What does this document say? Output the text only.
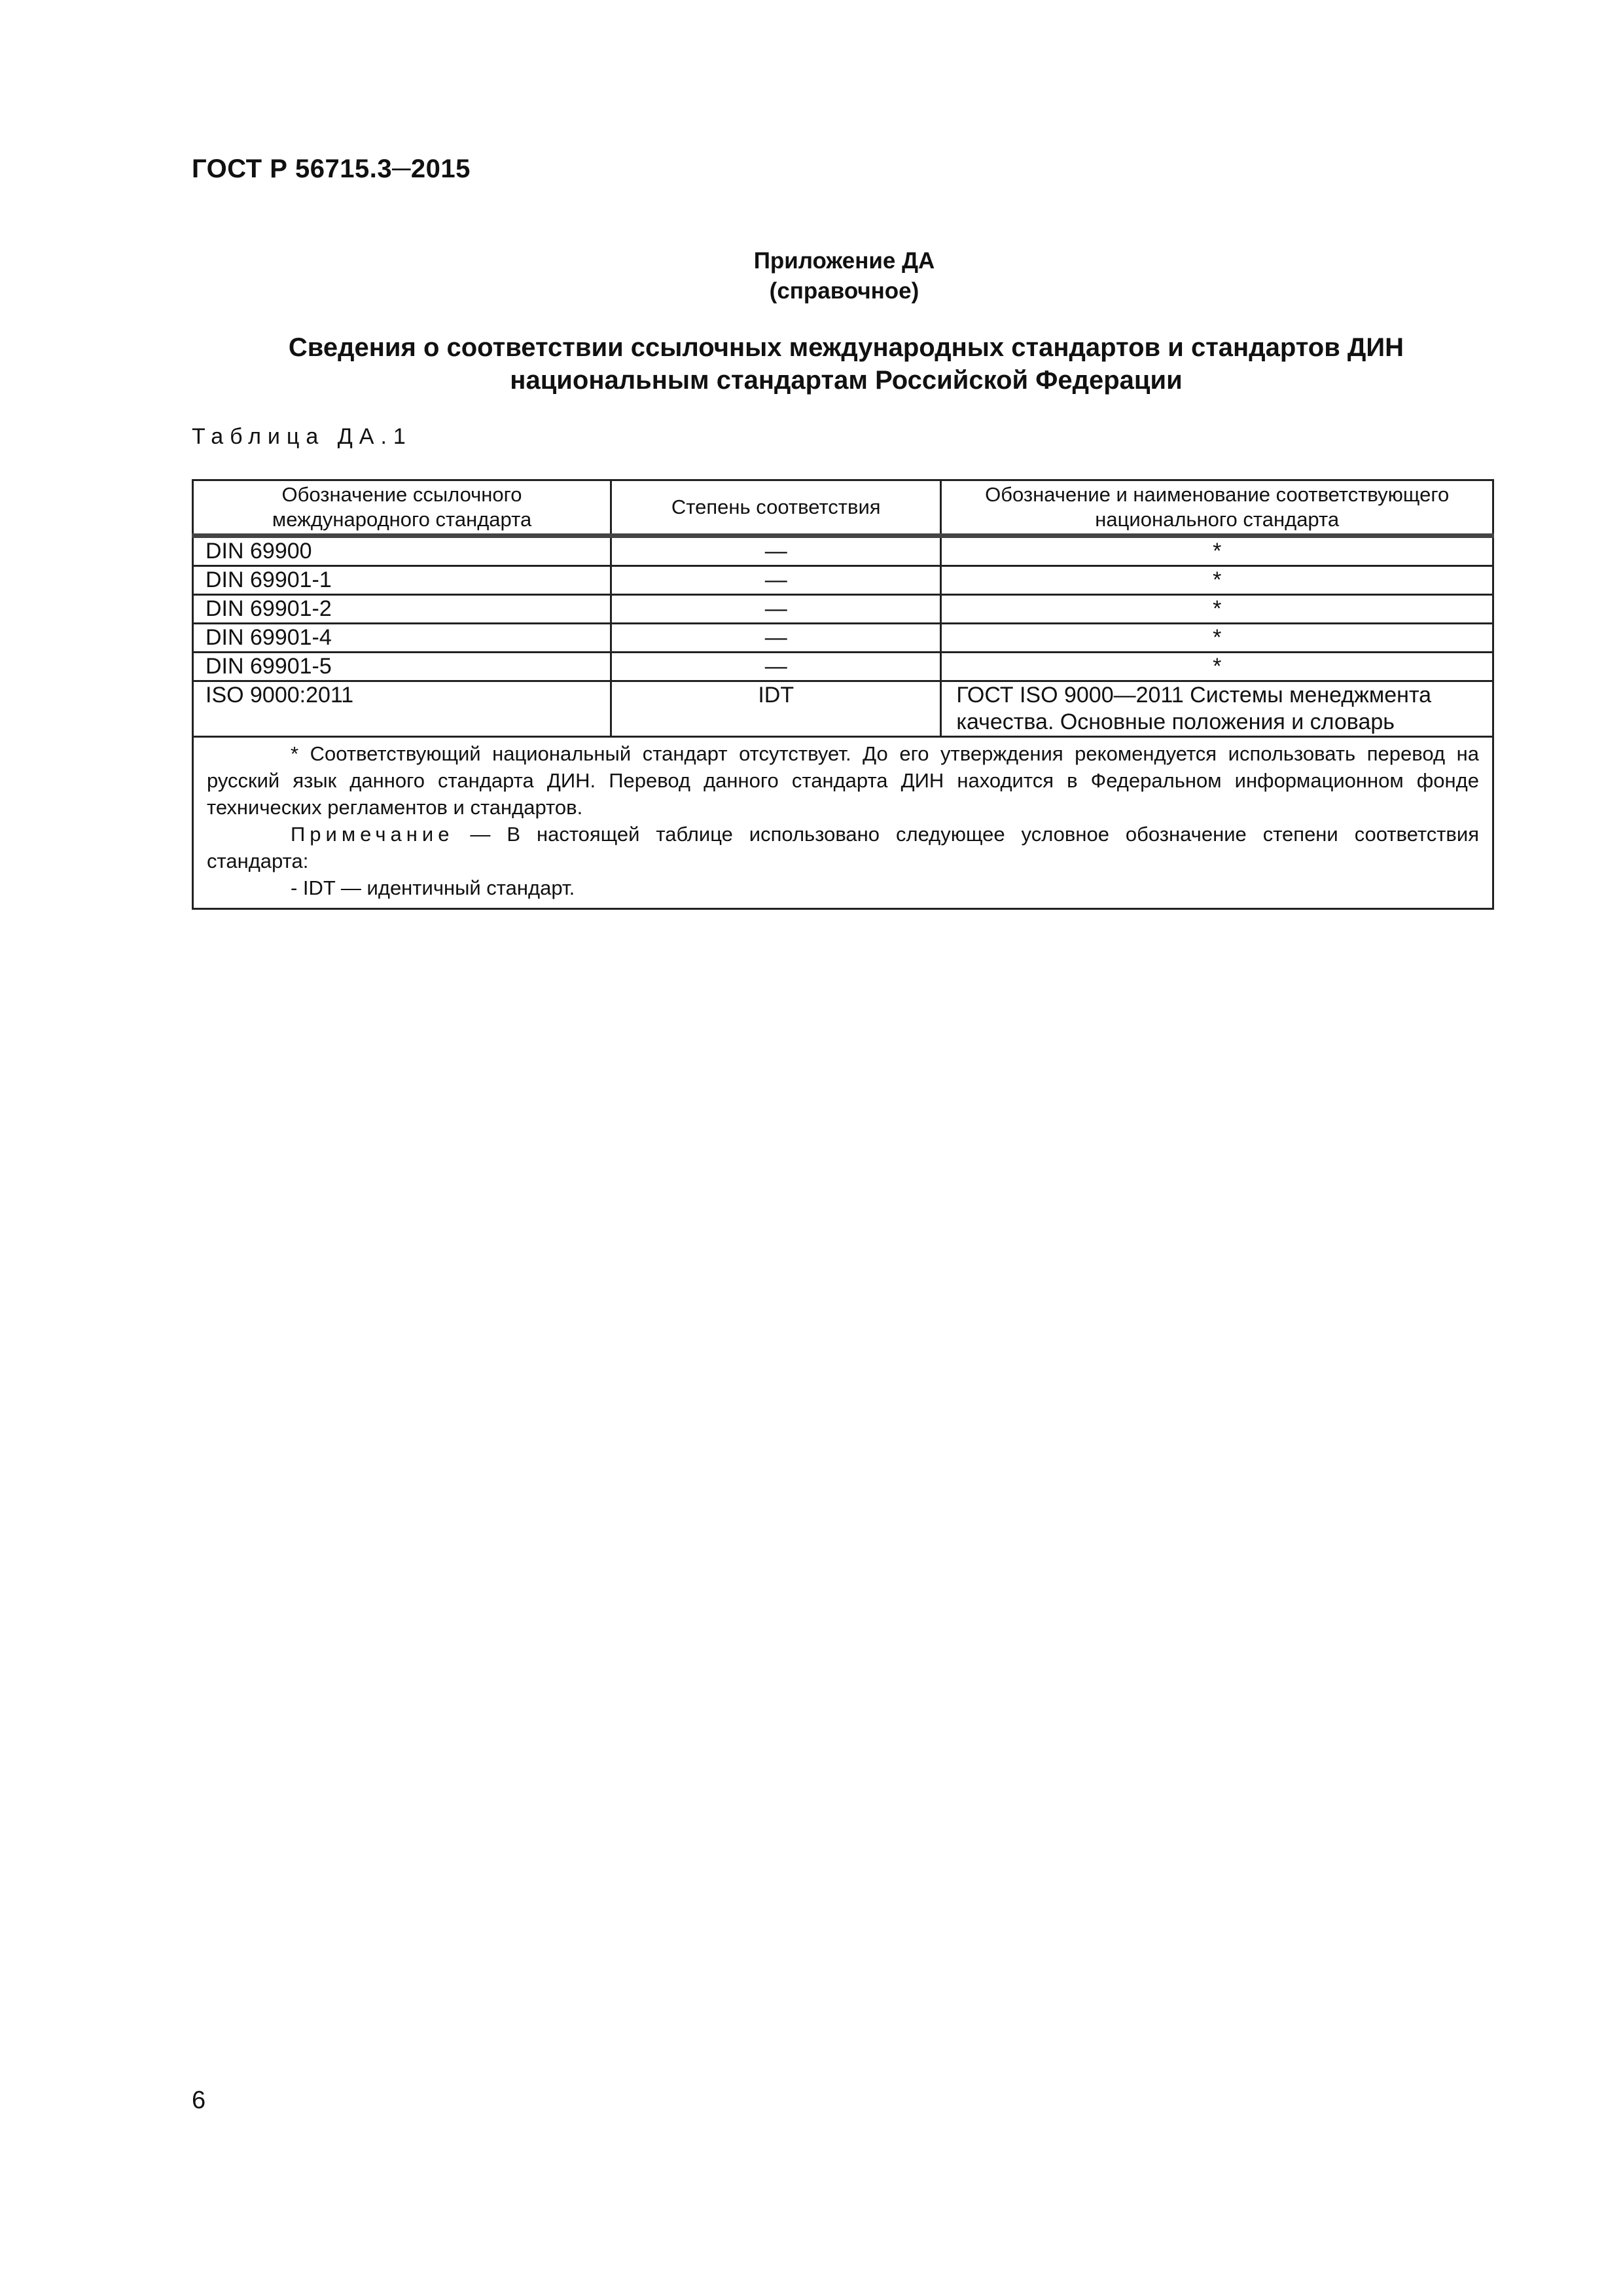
ГОСТ Р 56715.3─2015
Приложение ДА
(справочное)
Сведения о соответствии ссылочных международных стандартов и стандартов ДИН
национальным стандартам Российской Федерации
Таблица ДА.1
Обозначение ссылочного международного стандарта	Степень соответствия	Обозначение и наименование соответствующего национального стандарта
DIN 69900	—	*
DIN 69901-1	—	*
DIN 69901-2	—	*
DIN 69901-4	—	*
DIN 69901-5	—	*
ISO 9000:2011	IDT	ГОСТ ISO 9000—2011 Системы менеджмента качества. Основные положения и словарь

* Соответствующий национальный стандарт отсутствует. До его утверждения рекомендуется использовать перевод на русский язык данного стандарта ДИН. Перевод данного стандарта ДИН находится в Федеральном информационном фонде технических регламентов и стандартов.
Примечание — В настоящей таблице использовано следующее условное обозначение степени соответствия стандарта:
- IDT — идентичный стандарт.		
6
